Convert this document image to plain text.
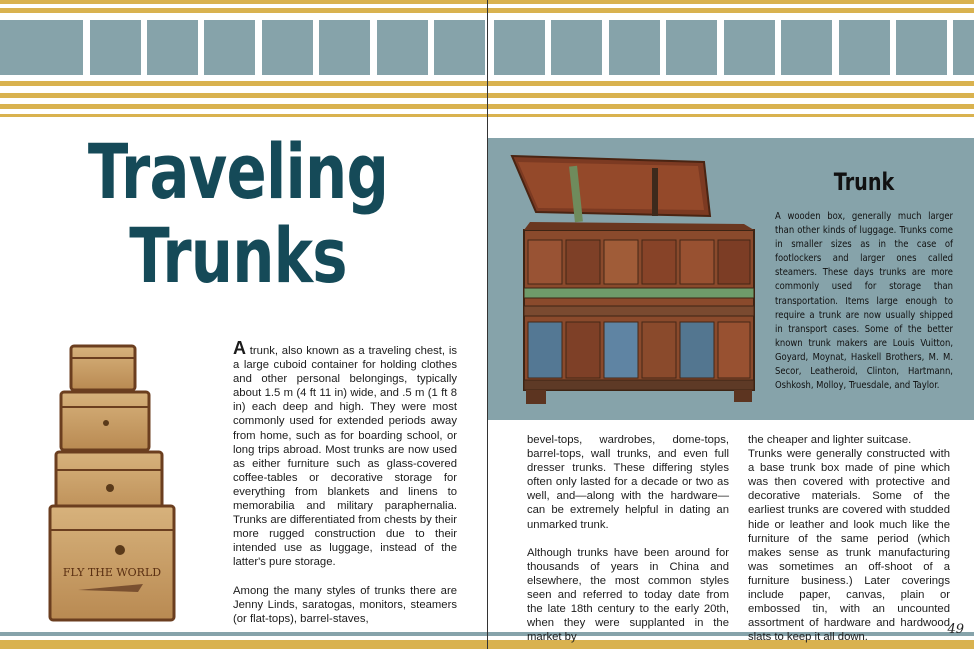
Traveling
Trunks
FLY THE WORLD

A trunk, also known as a traveling chest, is a large cuboid container for holding clothes and other personal belongings, typically about 1.5 m (4 ft 11 in) wide, and .5 m (1 ft 8 in) each deep and high. They were most commonly used for extended periods away from home, such as for boarding school, or long trips abroad. Most trunks are now used as either furniture such as glass-covered coffee-tables or decorative storage for everything from blankets and linens to memorabilia and military paraphernalia. Trunks are differentiated from chests by their more rugged construction due to their intended use as luggage, instead of the latter's pure storage.

Among the many styles of trunks there are Jenny Linds, saratogas, monitors, steamers (or flat-tops), barrel-staves,

Trunk
A wooden box, generally much larger than other kinds of luggage. Trunks come in smaller sizes as in the case of footlockers and larger ones called steamers. These days trunks are more commonly used for storage than transportation. Items large enough to require a trunk are now usually shipped in transport cases. Some of the better known trunk makers are Louis Vuitton, Goyard, Moynat, Haskell Brothers, M. M. Secor, Leatheroid, Clinton, Hartmann, Oshkosh, Molloy, Truesdale, and Taylor.

bevel-tops, wardrobes, dome-tops, barrel-tops, wall trunks, and even full dresser trunks. These differing styles often only lasted for a decade or two as well, and—along with the hardware—can be extremely helpful in dating an unmarked trunk.

Although trunks have been around for thousands of years in China and elsewhere, the most common styles seen and referred to today date from the late 18th century to the early 20th, when they were supplanted in the market by

the cheaper and lighter suitcase.

Trunks were generally constructed with a base trunk box made of pine which was then covered with protective and decorative materials. Some of the earliest trunks are covered with studded hide or leather and look much like the furniture of the same period (which makes sense as trunk manufacturing was sometimes an off-shoot of a furniture business.) Later coverings include paper, canvas, plain or embossed tin, with an uncounted assortment of hardware and hardwood slats to keep it all down.

49
